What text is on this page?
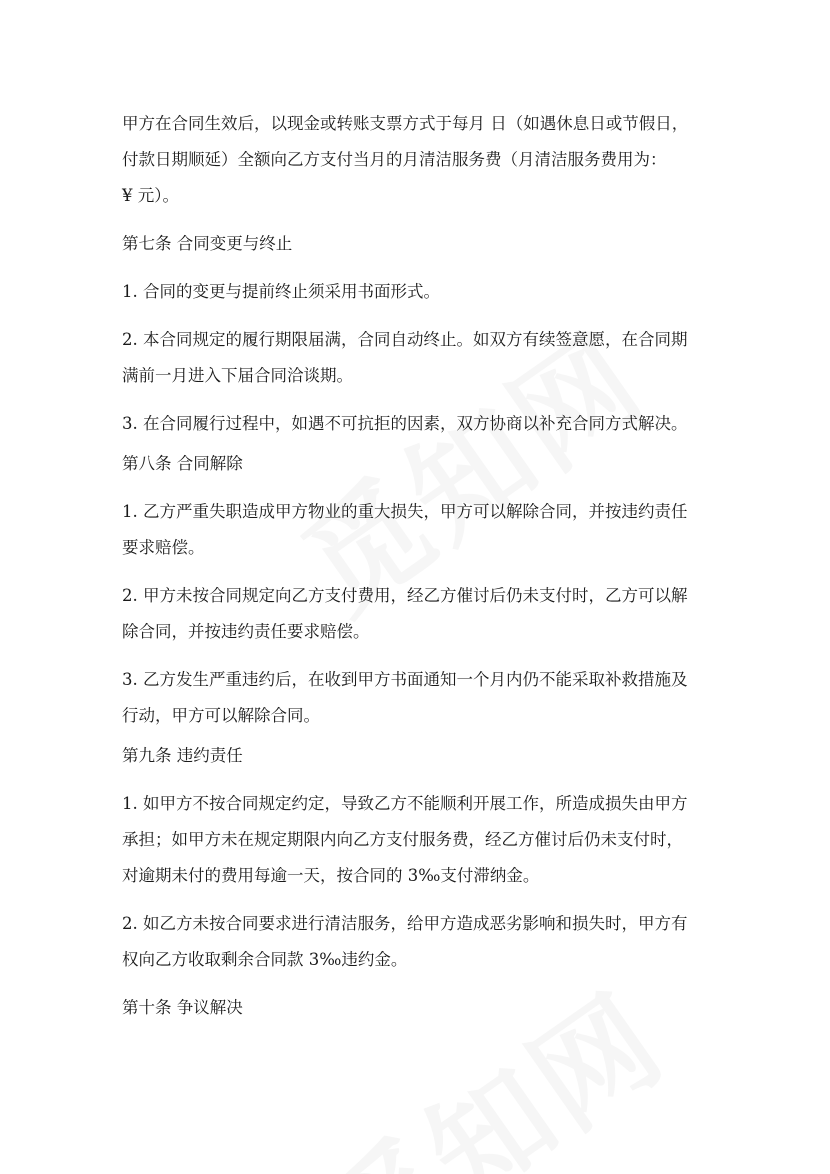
甲方在合同生效后，以现金或转账支票方式于每月 日（如遇休息日或节假日，

付款日期顺延）全额向乙方支付当月的月清洁服务费（月清洁服务费用为：

¥ 元）。

第七条 合同变更与终止

1. 合同的变更与提前终止须采用书面形式。

2. 本合同规定的履行期限届满，合同自动终止。如双方有续签意愿，在合同期

满前一月进入下届合同洽谈期。

3. 在合同履行过程中，如遇不可抗拒的因素，双方协商以补充合同方式解决。

第八条 合同解除

1. 乙方严重失职造成甲方物业的重大损失，甲方可以解除合同，并按违约责任

要求赔偿。

2. 甲方未按合同规定向乙方支付费用，经乙方催讨后仍未支付时，乙方可以解

除合同，并按违约责任要求赔偿。

3. 乙方发生严重违约后，在收到甲方书面通知一个月内仍不能采取补救措施及

行动，甲方可以解除合同。

第九条 违约责任

1. 如甲方不按合同规定约定，导致乙方不能顺利开展工作，所造成损失由甲方

承担；如甲方未在规定期限内向乙方支付服务费，经乙方催讨后仍未支付时，

对逾期未付的费用每逾一天，按合同的 3‰支付滞纳金。

2. 如乙方未按合同要求进行清洁服务，给甲方造成恶劣影响和损失时，甲方有

权向乙方收取剩余合同款 3‰违约金。

第十条 争议解决
